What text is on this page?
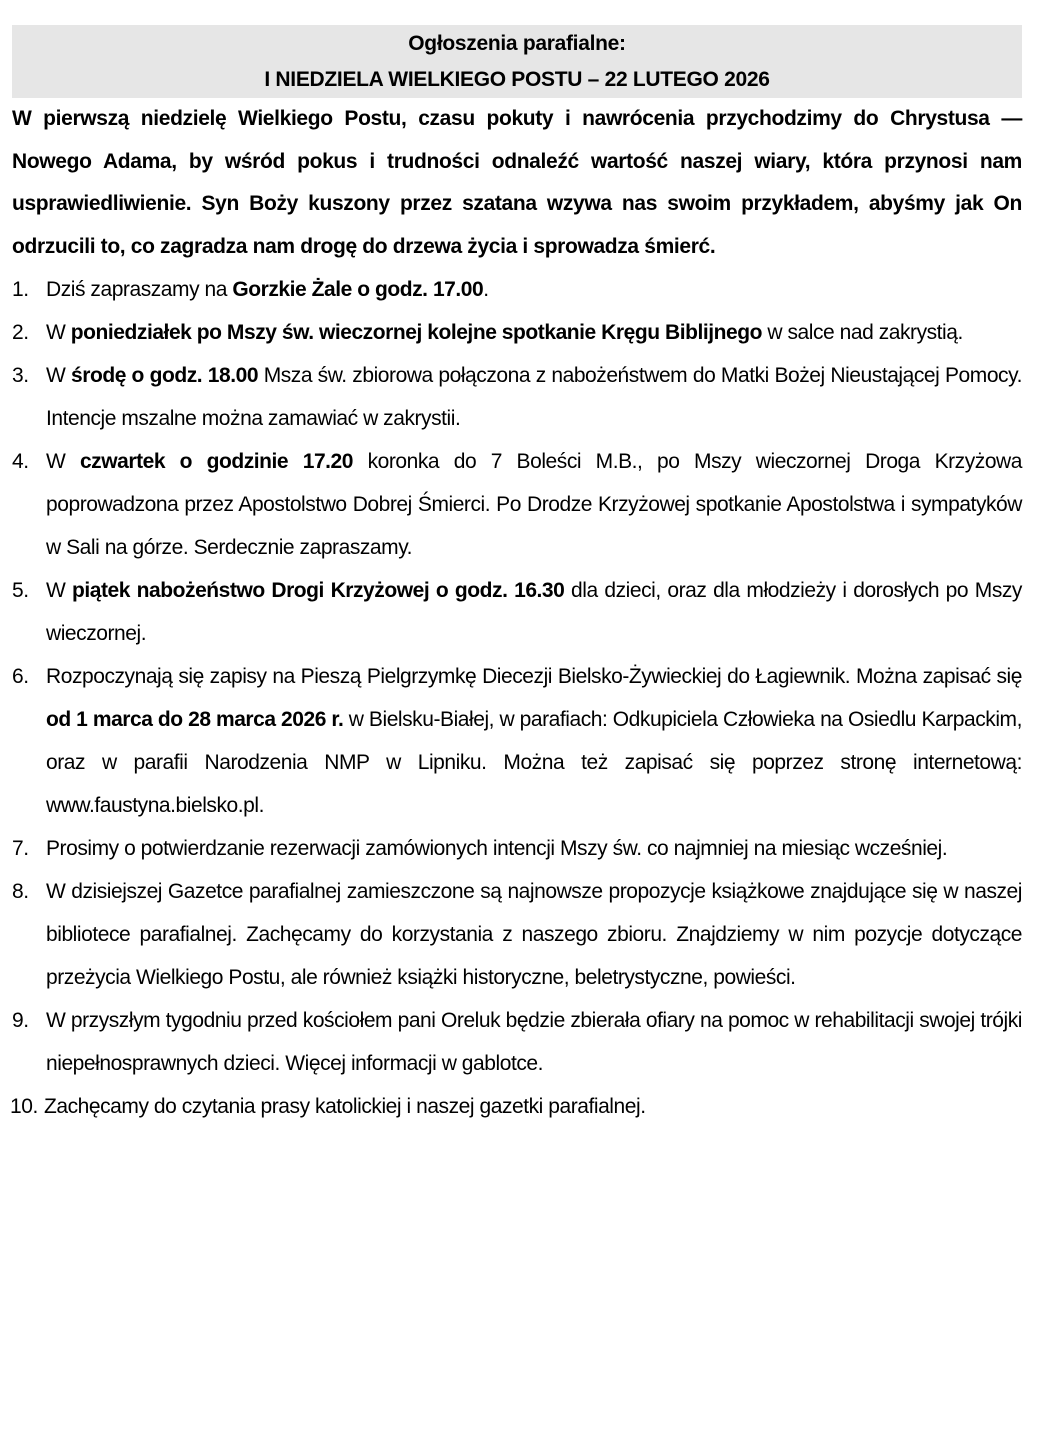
Ogłoszenia parafialne:
I NIEDZIELA WIELKIEGO POSTU – 22 LUTEGO 2026
W pierwszą niedzielę Wielkiego Postu, czasu pokuty i nawrócenia przychodzimy do Chrystusa — Nowego Adama, by wśród pokus i trudności odnaleźć wartość naszej wiary, która przynosi nam usprawiedliwienie. Syn Boży kuszony przez szatana wzywa nas swoim przykładem, abyśmy jak On odrzucili to, co zagradza nam drogę do drzewa życia i sprowadza śmierć.
1. Dziś zapraszamy na Gorzkie Żale o godz. 17.00.
2. W poniedziałek po Mszy św. wieczornej kolejne spotkanie Kręgu Biblijnego w salce nad zakrystią.
3. W środę o godz. 18.00 Msza św. zbiorowa połączona z nabożeństwem do Matki Bożej Nieustającej Pomocy. Intencje mszalne można zamawiać w zakrystii.
4. W czwartek o godzinie 17.20 koronka do 7 Boleści M.B., po Mszy wieczornej Droga Krzyżowa poprowadzona przez Apostolstwo Dobrej Śmierci. Po Drodze Krzyżowej spotkanie Apostolstwa i sympatyków w Sali na górze. Serdecznie zapraszamy.
5. W piątek nabożeństwo Drogi Krzyżowej o godz. 16.30 dla dzieci, oraz dla młodzieży i dorosłych po Mszy wieczornej.
6. Rozpoczynają się zapisy na Pieszą Pielgrzymkę Diecezji Bielsko-Żywieckiej do Łagiewnik. Można zapisać się od 1 marca do 28 marca 2026 r. w Bielsku-Białej, w parafiach: Odkupiciela Człowieka na Osiedlu Karpackim, oraz w parafii Narodzenia NMP w Lipniku. Można też zapisać się poprzez stronę internetową: www.faustyna.bielsko.pl.
7. Prosimy o potwierdzanie rezerwacji zamówionych intencji Mszy św. co najmniej na miesiąc wcześniej.
8. W dzisiejszej Gazetce parafialnej zamieszczone są najnowsze propozycje książkowe znajdujące się w naszej bibliotece parafialnej. Zachęcamy do korzystania z naszego zbioru. Znajdziemy w nim pozycje dotyczące przeżycia Wielkiego Postu, ale również książki historyczne, beletrystyczne, powieści.
9. W przyszłym tygodniu przed kościołem pani Oreluk będzie zbierała ofiary na pomoc w rehabilitacji swojej trójki niepełnosprawnych dzieci. Więcej informacji w gablotce.
10. Zachęcamy do czytania prasy katolickiej i naszej gazetki parafialnej.
